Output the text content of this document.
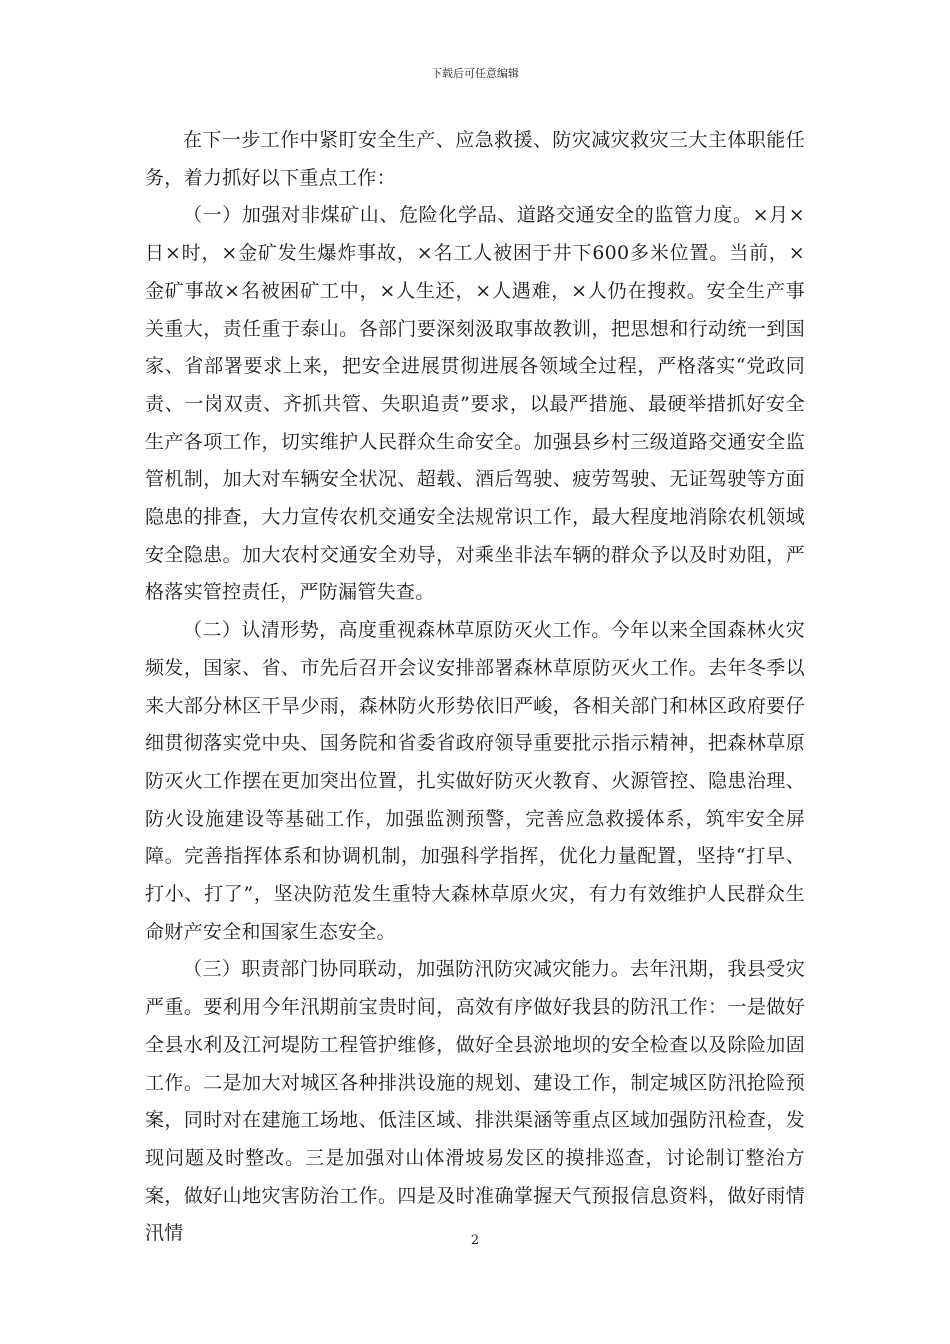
下载后可任意编辑

在下一步工作中紧盯安全生产、应急救援、防灾减灾救灾三大主体职能任务，着力抓好以下重点工作：

（一）加强对非煤矿山、危险化学品、道路交通安全的监管力度。×月×日×时，×金矿发生爆炸事故，×名工人被困于井下600多米位置。当前，×金矿事故×名被困矿工中，×人生还，×人遇难，×人仍在搜救。安全生产事关重大，责任重于泰山。各部门要深刻汲取事故教训，把思想和行动统一到国家、省部署要求上来，把安全进展贯彻进展各领域全过程，严格落实“党政同责、一岗双责、齐抓共管、失职追责”要求，以最严措施、最硬举措抓好安全生产各项工作，切实维护人民群众生命安全。加强县乡村三级道路交通安全监管机制，加大对车辆安全状况、超载、酒后驾驶、疲劳驾驶、无证驾驶等方面隐患的排查，大力宣传农机交通安全法规常识工作，最大程度地消除农机领域安全隐患。加大农村交通安全劝导，对乘坐非法车辆的群众予以及时劝阻，严格落实管控责任，严防漏管失查。

（二）认清形势，高度重视森林草原防灭火工作。今年以来全国森林火灾频发，国家、省、市先后召开会议安排部署森林草原防灭火工作。去年冬季以来大部分林区干旱少雨，森林防火形势依旧严峻，各相关部门和林区政府要仔细贯彻落实党中央、国务院和省委省政府领导重要批示指示精神，把森林草原防灭火工作摆在更加突出位置，扎实做好防灭火教育、火源管控、隐患治理、防火设施建设等基础工作，加强监测预警，完善应急救援体系，筑牢安全屏障。完善指挥体系和协调机制，加强科学指挥，优化力量配置，坚持“打早、打小、打了”，坚决防范发生重特大森林草原火灾，有力有效维护人民群众生命财产安全和国家生态安全。

（三）职责部门协同联动，加强防汛防灾减灾能力。去年汛期，我县受灾严重。要利用今年汛期前宝贵时间，高效有序做好我县的防汛工作：一是做好全县水利及江河堤防工程管护维修，做好全县淤地坝的安全检查以及除险加固工作。二是加大对城区各种排洪设施的规划、建设工作，制定城区防汛抢险预案，同时对在建施工场地、低洼区域、排洪渠涵等重点区域加强防汛检查，发现问题及时整改。三是加强对山体滑坡易发区的摸排巡查，讨论制订整治方案，做好山地灾害防治工作。四是及时准确掌握天气预报信息资料，做好雨情汛情	2
